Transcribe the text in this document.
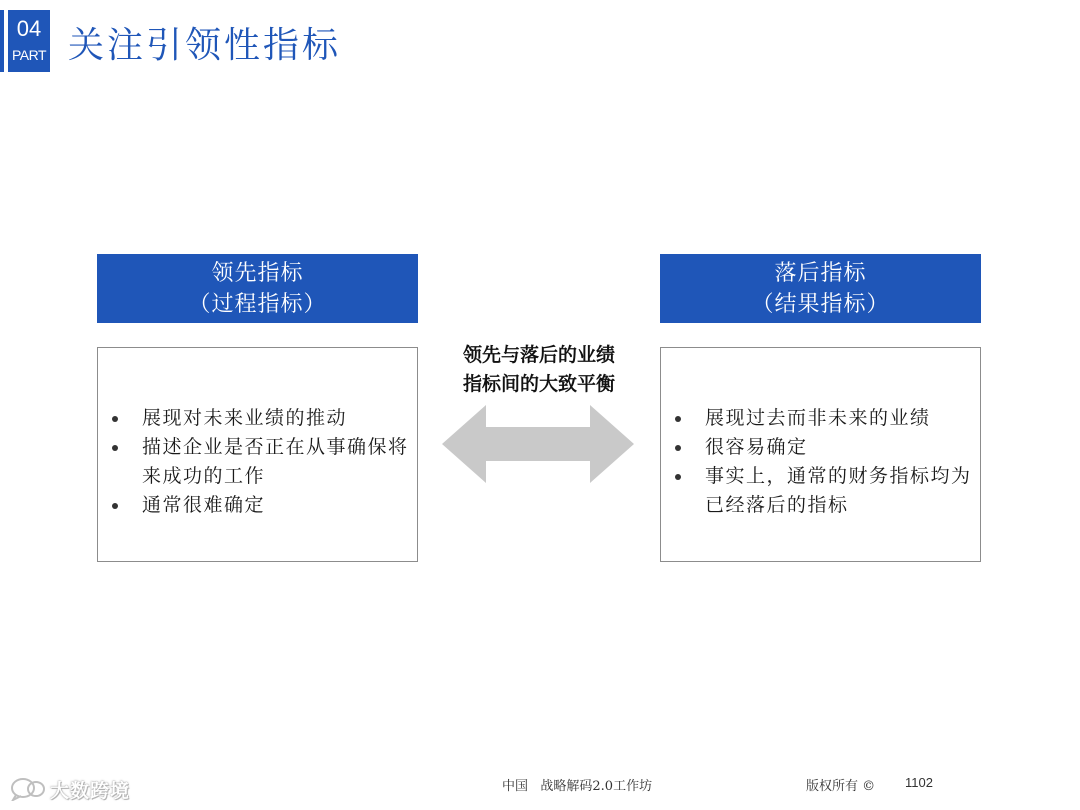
04
PART 关注引领性指标
领先指标
（过程指标）
展现对未来业绩的推动
描述企业是否正在从事确保将来成功的工作
通常很难确定
领先与落后的业绩
指标间的大致平衡
落后指标
（结果指标）
展现过去而非未来的业绩
很容易确定
事实上，通常的财务指标均为已经落后的指标
大数跨境	中国   战略解码2.0工作坊	版权所有 © 1102
